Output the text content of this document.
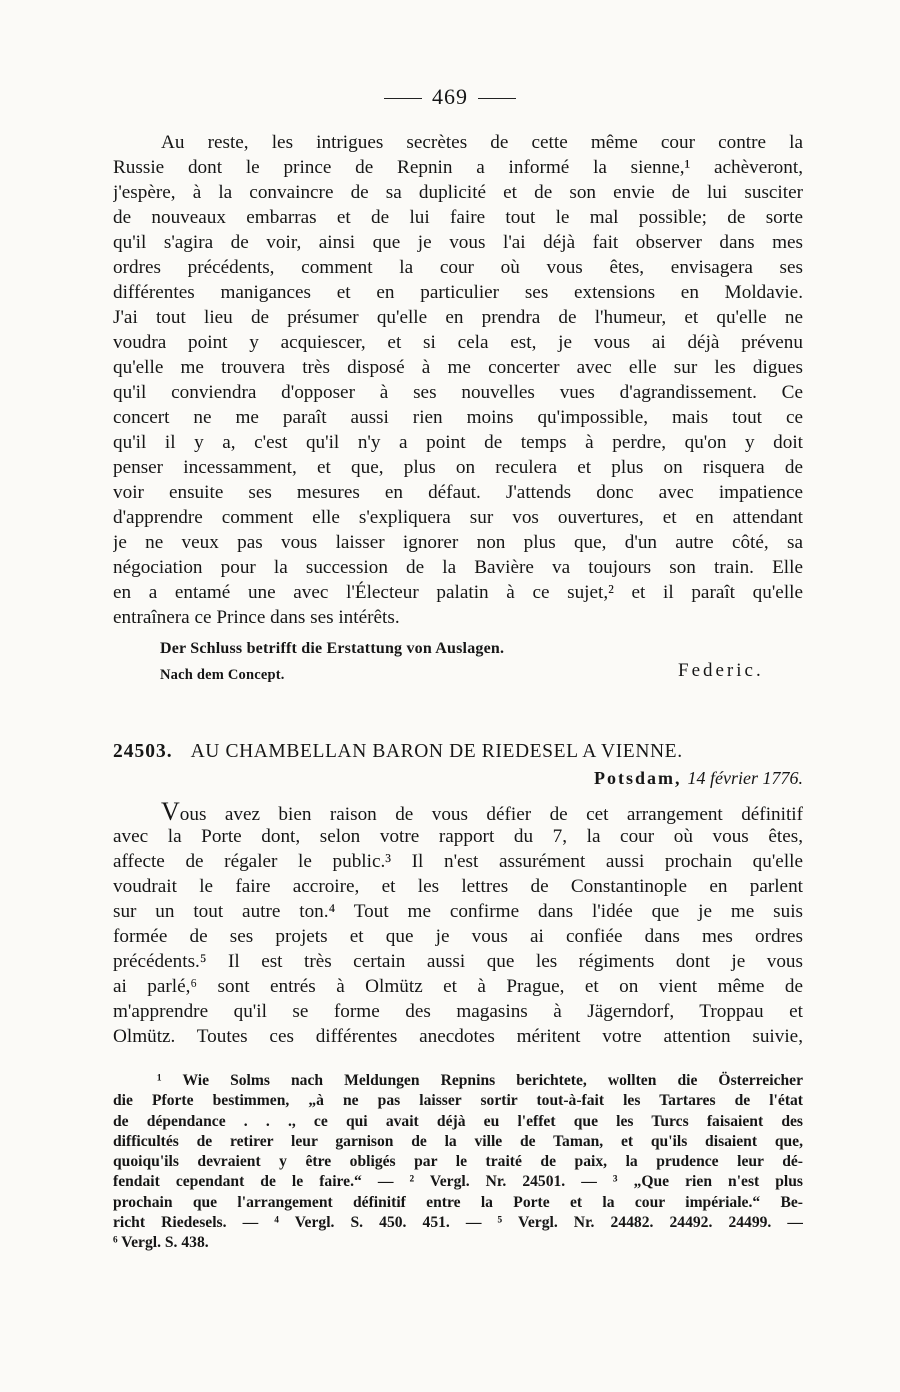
469
Au reste, les intrigues secrètes de cette même cour contre la
Russie dont le prince de Repnin a informé la sienne,¹ achèveront,
j'espère, à la convaincre de sa duplicité et de son envie de lui susciter
de nouveaux embarras et de lui faire tout le mal possible; de sorte
qu'il s'agira de voir, ainsi que je vous l'ai déjà fait observer dans mes
ordres précédents, comment la cour où vous êtes, envisagera ses
différentes manigances et en particulier ses extensions en Moldavie.
J'ai tout lieu de présumer qu'elle en prendra de l'humeur, et qu'elle ne
voudra point y acquiescer, et si cela est, je vous ai déjà prévenu
qu'elle me trouvera très disposé à me concerter avec elle sur les digues
qu'il conviendra d'opposer à ses nouvelles vues d'agrandissement. Ce
concert ne me paraît aussi rien moins qu'impossible, mais tout ce
qu'il il y a, c'est qu'il n'y a point de temps à perdre, qu'on y doit
penser incessamment, et que, plus on reculera et plus on risquera de
voir ensuite ses mesures en défaut. J'attends donc avec impatience
d'apprendre comment elle s'expliquera sur vos ouvertures, et en attendant
je ne veux pas vous laisser ignorer non plus que, d'un autre côté, sa
négociation pour la succession de la Bavière va toujours son train. Elle
en a entamé une avec l'Électeur palatin à ce sujet,² et il paraît qu'elle
entraînera ce Prince dans ses intérêts.
Der Schluss betrifft die Erstattung von Auslagen.
Nach dem Concept.	Federic.
24503. AU CHAMBELLAN BARON DE RIEDESEL A VIENNE.
Potsdam, 14 février 1776.
Vous avez bien raison de vous défier de cet arrangement définitif
avec la Porte dont, selon votre rapport du 7, la cour où vous êtes,
affecte de régaler le public.³ Il n'est assurément aussi prochain qu'elle
voudrait le faire accroire, et les lettres de Constantinople en parlent
sur un tout autre ton.⁴ Tout me confirme dans l'idée que je me suis
formée de ses projets et que je vous ai confiée dans mes ordres
précédents.⁵ Il est très certain aussi que les régiments dont je vous
ai parlé,⁶ sont entrés à Olmütz et à Prague, et on vient même de
m'apprendre qu'il se forme des magasins à Jägerndorf, Troppau et
Olmütz. Toutes ces différentes anecdotes méritent votre attention suivie,
¹ Wie Solms nach Meldungen Repnins berichtete, wollten die Österreicher
die Pforte bestimmen, „à ne pas laisser sortir tout-à-fait les Tartares de l'état
de dépendance . . ., ce qui avait déjà eu l'effet que les Turcs faisaient des
difficultés de retirer leur garnison de la ville de Taman, et qu'ils disaient que,
quoiqu'ils devraient y être obligés par le traité de paix, la prudence leur dé-
fendait cependant de le faire.“ — ² Vergl. Nr. 24501. — ³ „Que rien n'est plus
prochain que l'arrangement définitif entre la Porte et la cour impériale.“ Be-
richt Riedesels. — ⁴ Vergl. S. 450. 451. — ⁵ Vergl. Nr. 24482. 24492. 24499. —
⁶ Vergl. S. 438.
